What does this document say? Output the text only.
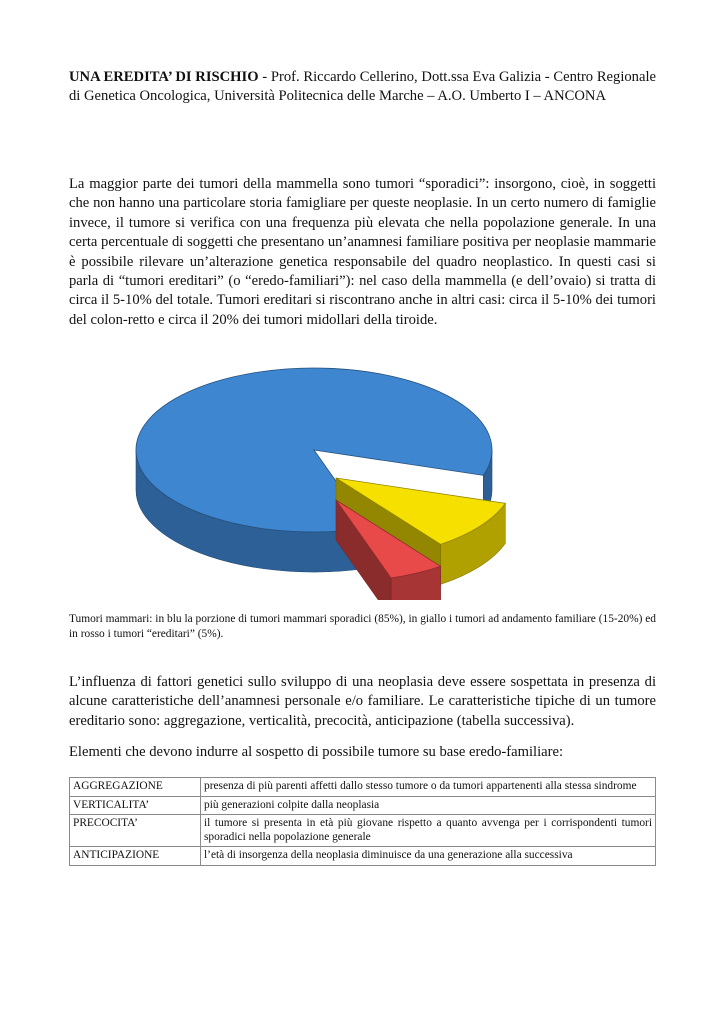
UNA EREDITA’ DI RISCHIO - Prof. Riccardo Cellerino, Dott.ssa Eva Galizia - Centro Regionale di Genetica Oncologica, Università Politecnica delle Marche – A.O. Umberto I – ANCONA

La maggior parte dei tumori della mammella sono tumori “sporadici”: insorgono, cioè, in soggetti che non hanno una particolare storia famigliare per queste neoplasie. In un certo numero di famiglie invece, il tumore si verifica con una frequenza più elevata che nella popolazione generale. In una certa percentuale di soggetti che presentano un’anamnesi familiare positiva per neoplasie mammarie è possibile rilevare un’alterazione genetica responsabile del quadro neoplastico. In questi casi si parla di “tumori ereditari” (o “eredo-familiari”): nel caso della mammella (e dell’ovaio) si tratta di circa il 5-10% del totale. Tumori ereditari si riscontrano anche in altri casi: circa il 5-10% dei tumori del colon-retto e circa il 20% dei tumori midollari della tiroide.

Tumori mammari: in blu la porzione di tumori mammari sporadici (85%), in giallo i tumori ad andamento familiare (15-20%) ed in rosso i tumori “ereditari” (5%).

L’influenza di fattori genetici sullo sviluppo di una neoplasia deve essere sospettata in presenza di alcune caratteristiche dell’anamnesi personale e/o familiare. Le caratteristiche tipiche di un tumore ereditario sono: aggregazione, verticalità, precocità, anticipazione (tabella successiva).

Elementi che devono indurre al sospetto di possibile tumore su base eredo-familiare:

AGGREGAZIONE	presenza di più parenti affetti dallo stesso tumore o da tumori appartenenti alla stessa sindrome
VERTICALITA’	più generazioni colpite dalla neoplasia
PRECOCITA’	il tumore si presenta in età più giovane rispetto a quanto avvenga per i corrispondenti tumori sporadici nella popolazione generale
ANTICIPAZIONE	l’età di insorgenza della neoplasia diminuisce da una generazione alla successiva
